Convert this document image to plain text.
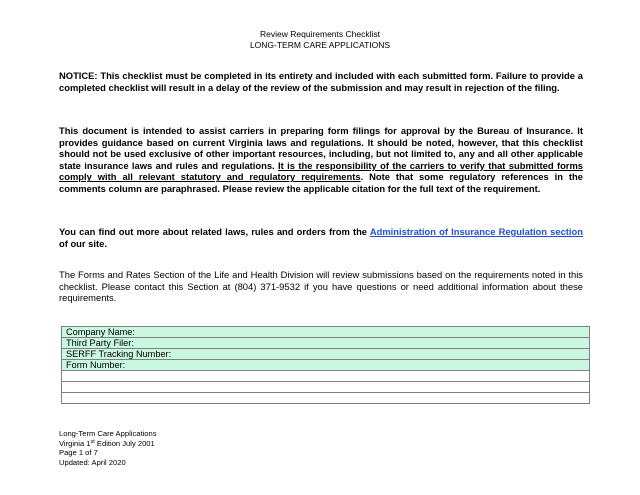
Review Requirements Checklist
LONG-TERM CARE APPLICATIONS
NOTICE: This checklist must be completed in its entirety and included with each submitted form. Failure to provide a completed checklist will result in a delay of the review of the submission and may result in rejection of the filing.
This document is intended to assist carriers in preparing form filings for approval by the Bureau of Insurance. It provides guidance based on current Virginia laws and regulations. It should be noted, however, that this checklist should not be used exclusive of other important resources, including, but not limited to, any and all other applicable state insurance laws and rules and regulations. It is the responsibility of the carriers to verify that submitted forms comply with all relevant statutory and regulatory requirements. Note that some regulatory references in the comments column are paraphrased. Please review the applicable citation for the full text of the requirement.
You can find out more about related laws, rules and orders from the Administration of Insurance Regulation section of our site.
The Forms and Rates Section of the Life and Health Division will review submissions based on the requirements noted in this checklist. Please contact this Section at (804) 371-9532 if you have questions or need additional information about these requirements.
Company Name:
Third Party Filer:
SERFF Tracking Number:
Form Number:

Long-Term Care Applications
Virginia 1st Edition July 2001
Page 1 of 7
Updated: April 2020
